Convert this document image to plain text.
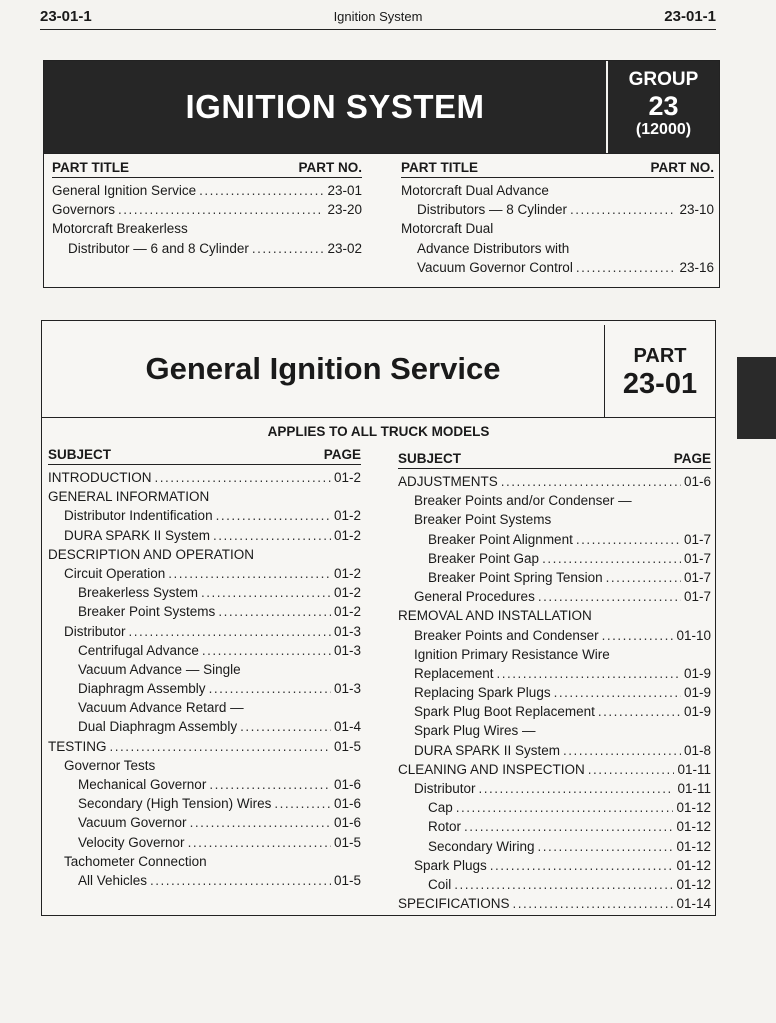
23-01-1	Ignition System	23-01-1
IGNITION SYSTEM
GROUP
23
(12000)
PART TITLE	PART NO.
General Ignition Service .....	23-01
Governors .....	23-20
Motorcraft Breakerless
Distributor — 6 and 8 Cylinder .....	23-02
PART TITLE	PART NO.
Motorcraft Dual Advance
Distributors — 8 Cylinder .....	23-10
Motorcraft Dual
Advance Distributors with
Vacuum Governor Control .....	23-16
General Ignition Service	PART
23-01
APPLIES TO ALL TRUCK MODELS
SUBJECT	PAGE
INTRODUCTION .....	01-2
GENERAL INFORMATION
Distributor Indentification .....	01-2
DURA SPARK II System .....	01-2
DESCRIPTION AND OPERATION
Circuit Operation .....	01-2
Breakerless System .....	01-2
Breaker Point Systems .....	01-2
Distributor .....	01-3
Centrifugal Advance .....	01-3
Vacuum Advance — Single
Diaphragm Assembly .....	01-3
Vacuum Advance Retard —
Dual Diaphragm Assembly .....	01-4
TESTING .....	01-5
Governor Tests
Mechanical Governor .....	01-6
Secondary (High Tension) Wires .....	01-6
Vacuum Governor .....	01-6
Velocity Governor .....	01-5
Tachometer Connection
All Vehicles .....	01-5
SUBJECT	PAGE
ADJUSTMENTS .....	01-6
Breaker Points and/or Condenser —
Breaker Point Systems
Breaker Point Alignment .....	01-7
Breaker Point Gap .....	01-7
Breaker Point Spring Tension .....	01-7
General Procedures .....	01-7
REMOVAL AND INSTALLATION
Breaker Points and Condenser .....	01-10
Ignition Primary Resistance Wire
Replacement .....	01-9
Replacing Spark Plugs .....	01-9
Spark Plug Boot Replacement .....	01-9
Spark Plug Wires —
DURA SPARK II System .....	01-8
CLEANING AND INSPECTION .....	01-11
Distributor .....	01-11
Cap .....	01-12
Rotor .....	01-12
Secondary Wiring .....	01-12
Spark Plugs .....	01-12
Coil .....	01-12
SPECIFICATIONS .....	01-14
